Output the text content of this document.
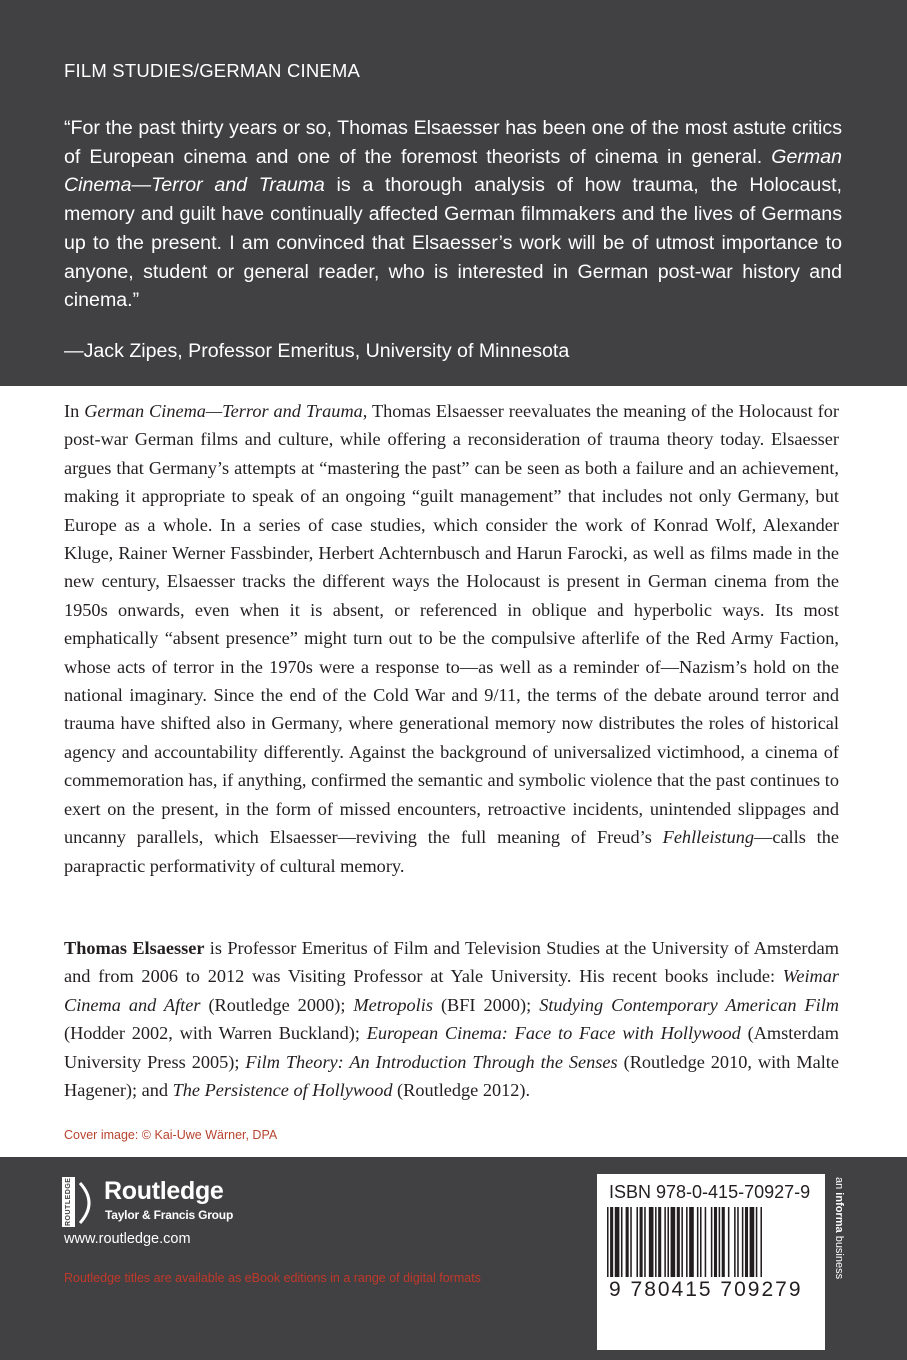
FILM STUDIES/GERMAN CINEMA

“For the past thirty years or so, Thomas Elsaesser has been one of the most astute critics of European cinema and one of the foremost theorists of cinema in general. German Cinema—Terror and Trauma is a thorough analysis of how trauma, the Holocaust, memory and guilt have continually affected German filmmakers and the lives of Germans up to the present. I am convinced that Elsaesser’s work will be of utmost importance to anyone, student or general reader, who is interested in German post-war history and cinema.”

—Jack Zipes, Professor Emeritus, University of Minnesota

In German Cinema—Terror and Trauma, Thomas Elsaesser reevaluates the meaning of the Holocaust for post-war German films and culture, while offering a reconsideration of trauma theory today. Elsaesser argues that Germany’s attempts at “mastering the past” can be seen as both a failure and an achievement, making it appropriate to speak of an ongoing “guilt management” that includes not only Germany, but Europe as a whole. In a series of case studies, which consider the work of Konrad Wolf, Alexander Kluge, Rainer Werner Fassbinder, Herbert Achternbusch and Harun Farocki, as well as films made in the new century, Elsaesser tracks the different ways the Holocaust is present in German cinema from the 1950s onwards, even when it is absent, or referenced in oblique and hyperbolic ways. Its most emphatically “absent presence” might turn out to be the compulsive afterlife of the Red Army Faction, whose acts of terror in the 1970s were a response to—as well as a reminder of—Nazism’s hold on the national imaginary. Since the end of the Cold War and 9/11, the terms of the debate around terror and trauma have shifted also in Germany, where generational memory now distributes the roles of historical agency and accountability differently. Against the background of universalized victimhood, a cinema of commemoration has, if anything, confirmed the semantic and symbolic violence that the past continues to exert on the present, in the form of missed encounters, retroactive incidents, unintended slippages and uncanny parallels, which Elsaesser—reviving the full meaning of Freud’s Fehlleistung—calls the parapractic performativity of cultural memory.

Thomas Elsaesser is Professor Emeritus of Film and Television Studies at the University of Amsterdam and from 2006 to 2012 was Visiting Professor at Yale University. His recent books include: Weimar Cinema and After (Routledge 2000); Metropolis (BFI 2000); Studying Contemporary American Film (Hodder 2002, with Warren Buckland); European Cinema: Face to Face with Hollywood (Amsterdam University Press 2005); Film Theory: An Introduction Through the Senses (Routledge 2010, with Malte Hagener); and The Persistence of Hollywood (Routledge 2012).

Cover image: © Kai-Uwe Wärner, DPA
ROUTLEDGE Routledge
Taylor & Francis Group
www.routledge.com
Routledge titles are available as eBook editions in a range of digital formats
ISBN 978-0-415-70927-9
9 780415 709279
an informa business
